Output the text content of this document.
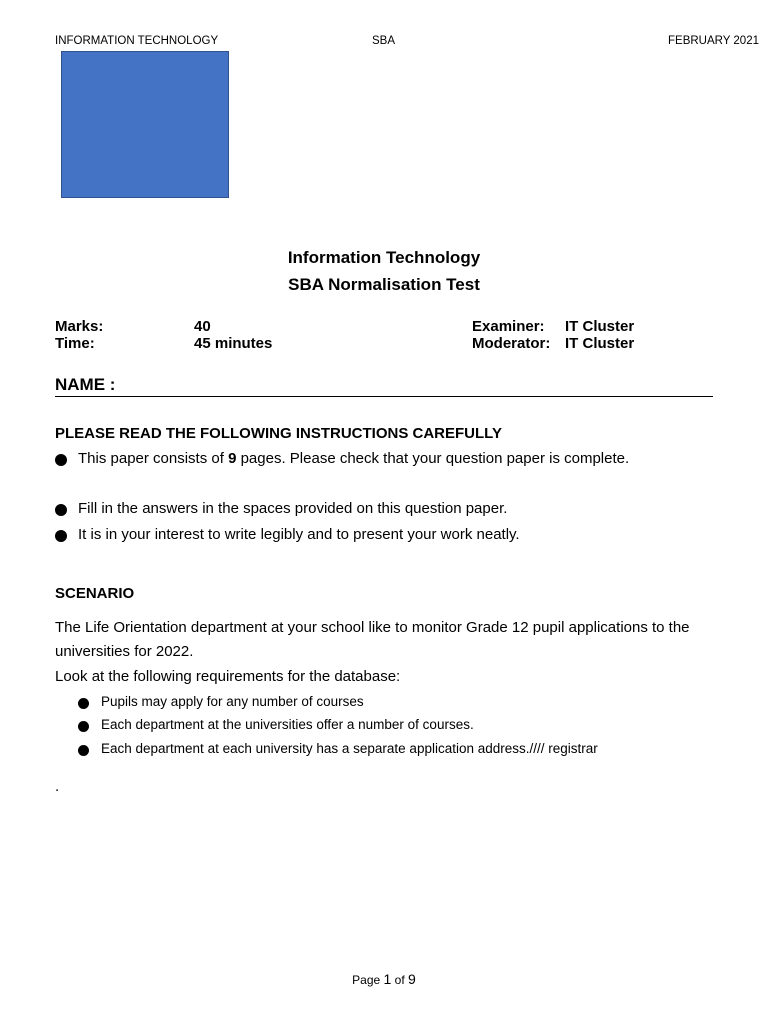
INFORMATION TECHNOLOGY	SBA	FEBRUARY 2021
Information Technology
SBA Normalisation Test
Marks:	40	Examiner: IT Cluster
Time:	45 minutes	Moderator: IT Cluster
NAME :
PLEASE READ THE FOLLOWING INSTRUCTIONS CAREFULLY
This paper consists of 9 pages. Please check that your question paper is complete.
Fill in the answers in the spaces provided on this question paper.
It is in your interest to write legibly and to present your work neatly.
SCENARIO
The Life Orientation department at your school like to monitor Grade 12 pupil applications to the universities for 2022.
Look at the following requirements for the database:
Pupils may apply for any number of courses
Each department at the universities offer a number of courses.
Each department at each university has a separate application address.//// registrar
.
Page 1 of 9
